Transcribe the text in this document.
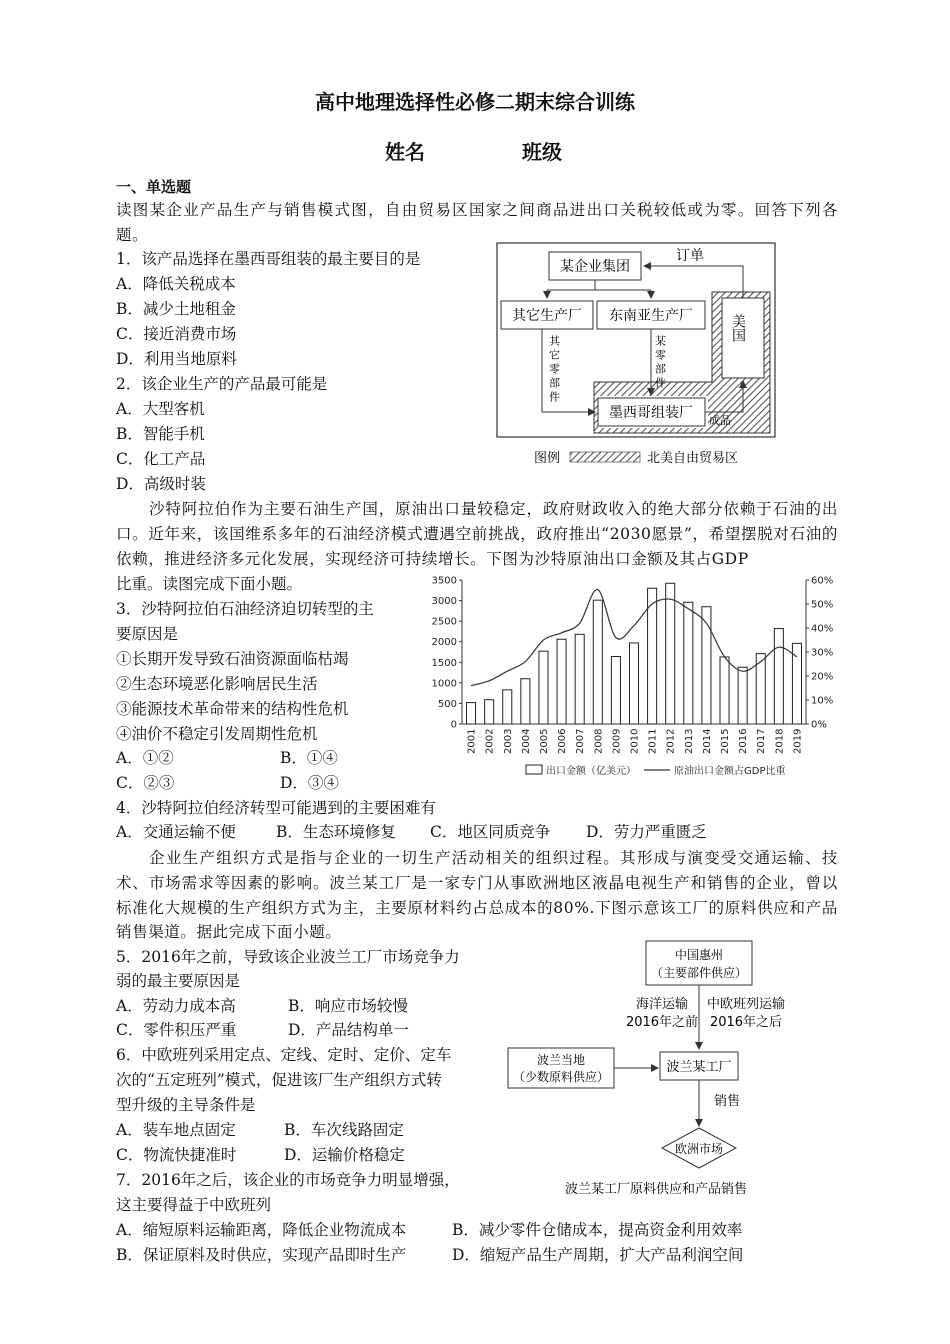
高中地理选择性必修二期末综合训练
姓名	班级
一、单选题
读图某企业产品生产与销售模式图，自由贸易区国家之间商品进出口关税较低或为零。回答下列各题。
1．该产品选择在墨西哥组装的最主要目的是
A．降低关税成本
B．减少土地租金
C．接近消费市场
D．利用当地原料
2．该企业生产的产品最可能是
A．大型客机
B．智能手机
C．化工产品
D．高级时装
某企业集团
订单
其它生产厂 东南亚生产厂	美国
其它零部件	某零部件
墨西哥组装厂 成品
图例	北美自由贸易区
沙特阿拉伯作为主要石油生产国，原油出口量较稳定，政府财政收入的绝大部分依赖于石油的出口。近年来，该国维系多年的石油经济模式遭遇空前挑战，政府推出“2030愿景”，希望摆脱对石油的依赖，推进经济多元化发展，实现经济可持续增长。下图为沙特原油出口金额及其占GDP
比重。读图完成下面小题。
3．沙特阿拉伯石油经济迫切转型的主
要原因是
①长期开发导致石油资源面临枯竭
②生态环境恶化影响居民生活
③能源技术革命带来的结构性危机
④油价不稳定引发周期性危机
A．①②	B．①④
C．②③	D．③④
0
500
1000
1500
2000
2500
3000
3500
0%
10%
20%
30%
40%
50%
60%
2001 2002 2003 2004 2005 2006 2007 2008 2009 2010 2011 2012 2013 2014 2015 2016 2017 2018 2019
出口金额（亿美元）	原油出口金额占GDP比重
4．沙特阿拉伯经济转型可能遇到的主要困难有
A．交通运输不便	B．生态环境修复 C．地区同质竞争 D．劳力严重匮乏
企业生产组织方式是指与企业的一切生产活动相关的组织过程。其形成与演变受交通运输、技术、市场需求等因素的影响。波兰某工厂是一家专门从事欧洲地区液晶电视生产和销售的企业，曾以标准化大规模的生产组织方式为主，主要原材料约占总成本的80%.下图示意该工厂的原料供应和产品销售渠道。据此完成下面小题。
5．2016年之前，导致该企业波兰工厂市场竞争力
弱的最主要原因是
A．劳动力成本高	B．响应市场较慢
C．零件积压严重	D．产品结构单一
6．中欧班列采用定点、定线、定时、定价、定车
次的“五定班列”模式，促进该厂生产组织方式转
型升级的主导条件是
A．装车地点固定	B．车次线路固定
C．物流快捷准时	D．运输价格稳定
7．2016年之后，该企业的市场竞争力明显增强，
这主要得益于中欧班列
A．缩短原料运输距离，降低企业物流成本	B．减少零件仓储成本，提高资金利用效率
B．保证原料及时供应，实现产品即时生产	D．缩短产品生产周期，扩大产品利润空间
中国惠州
（主要部件供应）
海洋运输
2016年之前
中欧班列运输
2016年之后
波兰当地
（少数原料供应）
波兰某工厂
销售
欧洲市场
波兰某工厂原料供应和产品销售
